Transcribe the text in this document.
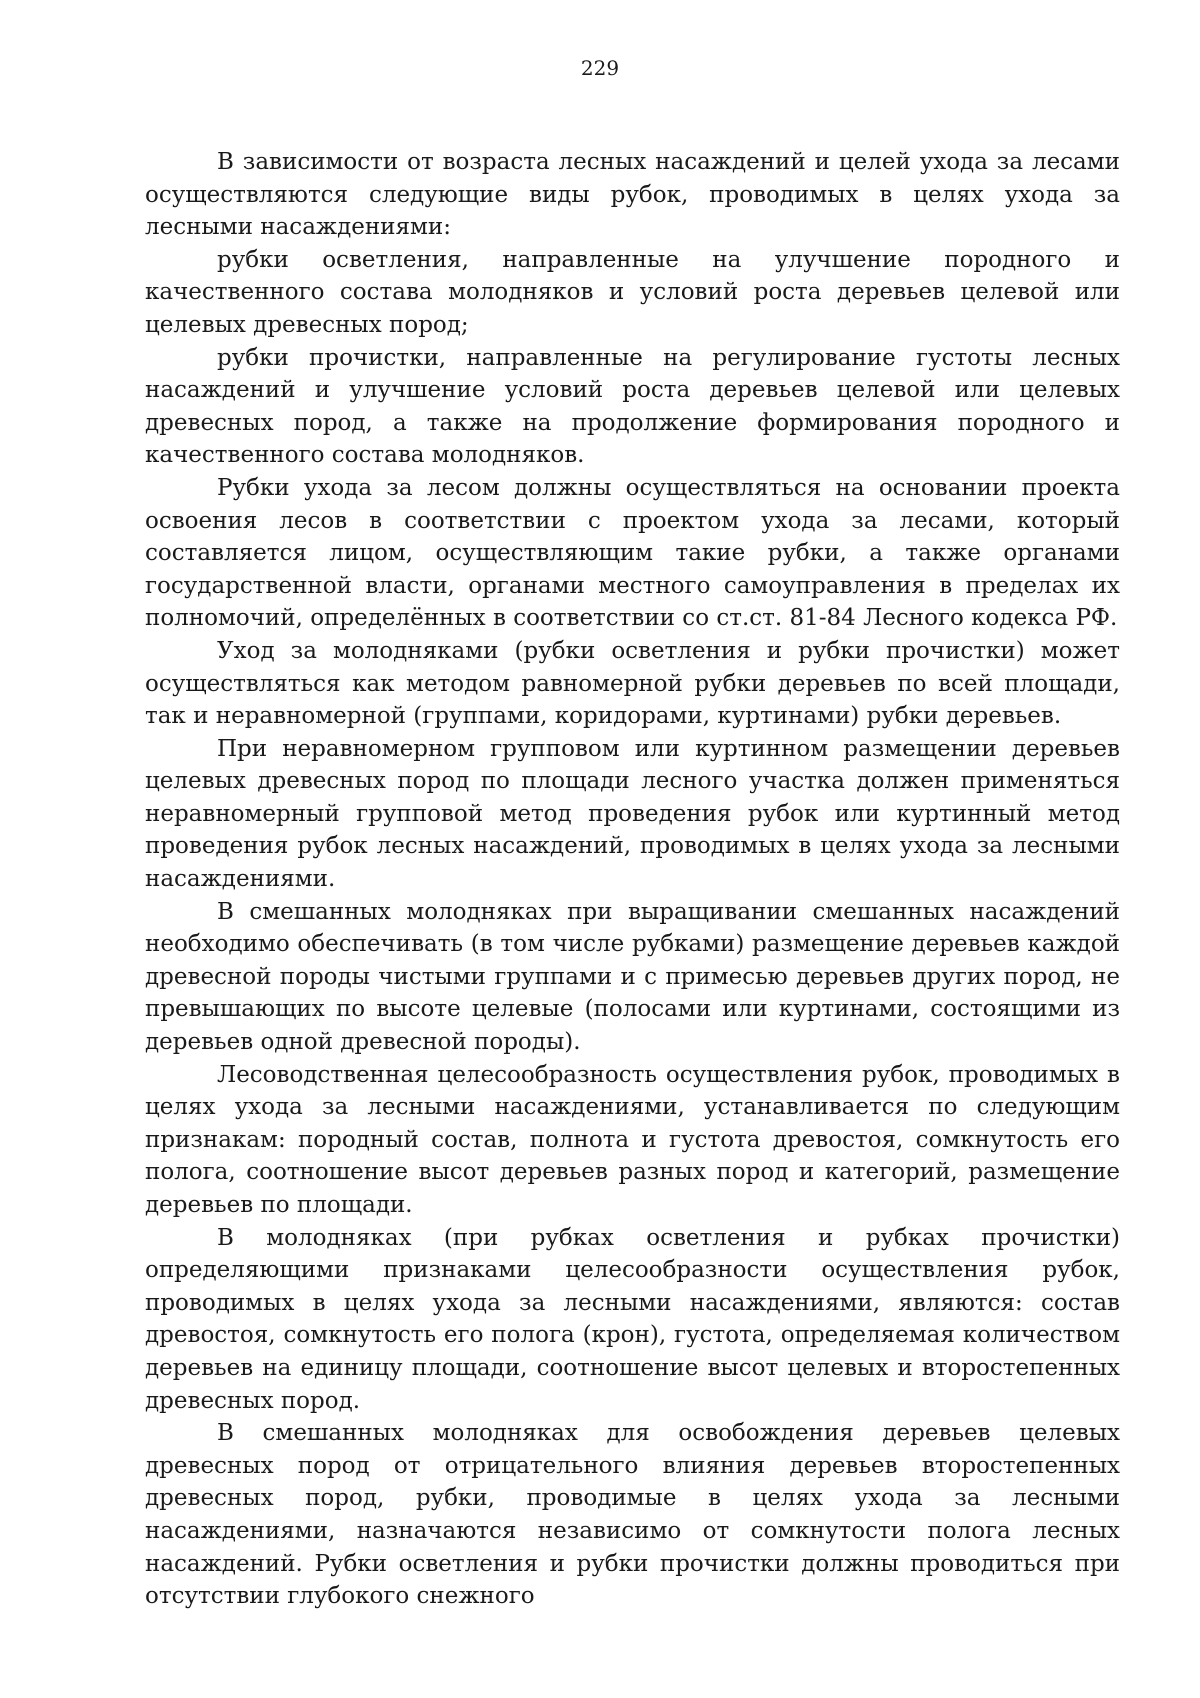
229

В зависимости от возраста лесных насаждений и целей ухода за лесами осуществляются следующие виды рубок, проводимых в целях ухода за лесными насаждениями:

рубки осветления, направленные на улучшение породного и качественного состава молодняков и условий роста деревьев целевой или целевых древесных пород;

рубки прочистки, направленные на регулирование густоты лесных насаждений и улучшение условий роста деревьев целевой или целевых древесных пород, а также на продолжение формирования породного и качественного состава молодняков.

Рубки ухода за лесом должны осуществляться на основании проекта освоения лесов в соответствии с проектом ухода за лесами, который составляется лицом, осуществляющим такие рубки, а также органами государственной власти, органами местного самоуправления в пределах их полномочий, определённых в соответствии со ст.ст. 81-84 Лесного кодекса РФ.

Уход за молодняками (рубки осветления и рубки прочистки) может осуществляться как методом равномерной рубки деревьев по всей площади, так и неравномерной (группами, коридорами, куртинами) рубки деревьев.

При неравномерном групповом или куртинном размещении деревьев целевых древесных пород по площади лесного участка должен применяться неравномерный групповой метод проведения рубок или куртинный метод проведения рубок лесных насаждений, проводимых в целях ухода за лесными насаждениями.

В смешанных молодняках при выращивании смешанных насаждений необходимо обеспечивать (в том числе рубками) размещение деревьев каждой древесной породы чистыми группами и с примесью деревьев других пород, не превышающих по высоте целевые (полосами или куртинами, состоящими из деревьев одной древесной породы).

Лесоводственная целесообразность осуществления рубок, проводимых в целях ухода за лесными насаждениями, устанавливается по следующим признакам: породный состав, полнота и густота древостоя, сомкнутость его полога, соотношение высот деревьев разных пород и категорий, размещение деревьев по площади.

В молодняках (при рубках осветления и рубках прочистки) определяющими признаками целесообразности осуществления рубок, проводимых в целях ухода за лесными насаждениями, являются: состав древостоя, сомкнутость его полога (крон), густота, определяемая количеством деревьев на единицу площади, соотношение высот целевых и второстепенных древесных пород.

В смешанных молодняках для освобождения деревьев целевых древесных пород от отрицательного влияния деревьев второстепенных древесных пород, рубки, проводимые в целях ухода за лесными насаждениями, назначаются независимо от сомкнутости полога лесных насаждений. Рубки осветления и рубки прочистки должны проводиться при отсутствии глубокого снежного
